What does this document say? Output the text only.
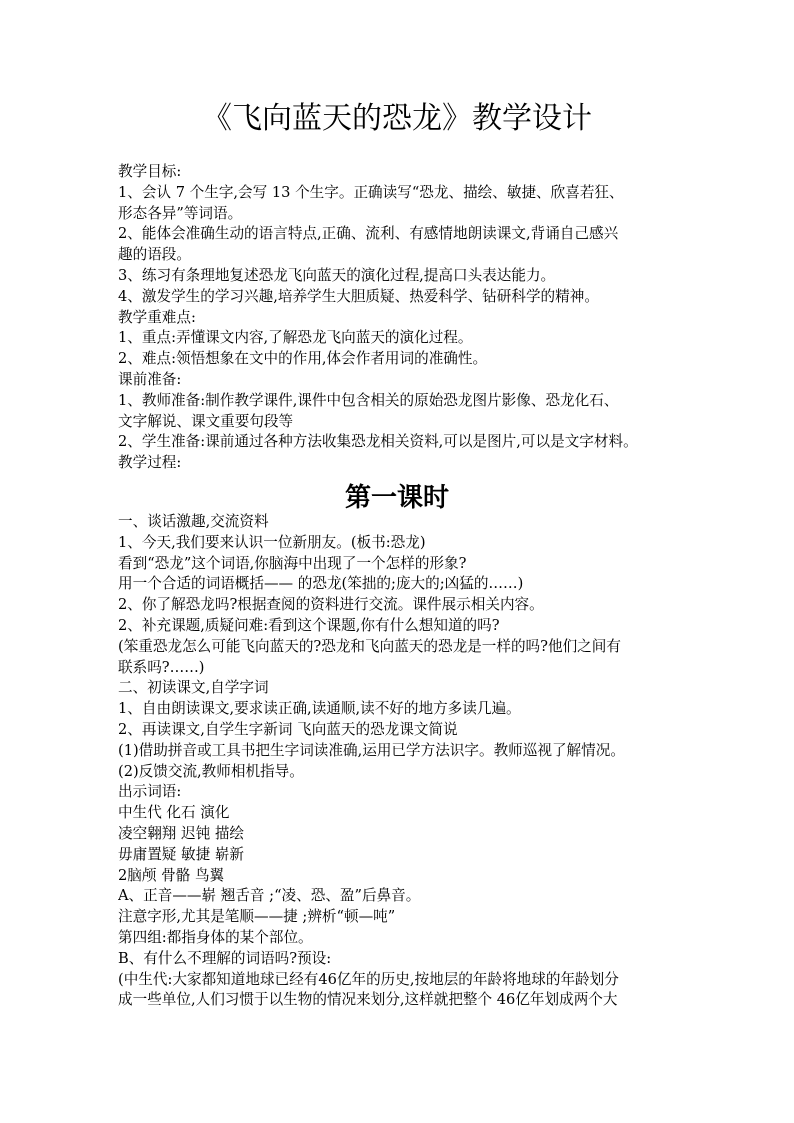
《飞向蓝天的恐龙》教学设计
教学目标:
1、会认 7 个生字,会写 13 个生字。正确读写“恐龙、描绘、敏捷、欣喜若狂、
形态各异”等词语。
2、能体会准确生动的语言特点,正确、流利、有感情地朗读课文,背诵自己感兴
趣的语段。
3、练习有条理地复述恐龙飞向蓝天的演化过程,提高口头表达能力。
4、激发学生的学习兴趣,培养学生大胆质疑、热爱科学、钻研科学的精神。
教学重难点:
1、重点:弄懂课文内容,了解恐龙飞向蓝天的演化过程。
2、难点:领悟想象在文中的作用,体会作者用词的准确性。
课前准备:
1、教师准备:制作教学课件,课件中包含相关的原始恐龙图片影像、恐龙化石、
文字解说、课文重要句段等
2、学生准备:课前通过各种方法收集恐龙相关资料,可以是图片,可以是文字材料。
教学过程:
第一课时
一、谈话激趣,交流资料
1、今天,我们要来认识一位新朋友。(板书:恐龙)
看到“恐龙”这个词语,你脑海中出现了一个怎样的形象?
用一个合适的词语概括—— 的恐龙(笨拙的;庞大的;凶猛的……)
2、你了解恐龙吗?根据查阅的资料进行交流。课件展示相关内容。
2、补充课题,质疑问难:看到这个课题,你有什么想知道的吗?
(笨重恐龙怎么可能飞向蓝天的?恐龙和飞向蓝天的恐龙是一样的吗?他们之间有
联系吗?……)
二、初读课文,自学字词
1、自由朗读课文,要求读正确,读通顺,读不好的地方多读几遍。
2、再读课文,自学生字新词 飞向蓝天的恐龙课文简说
(1)借助拼音或工具书把生字词读准确,运用已学方法识字。教师巡视了解情况。
(2)反馈交流,教师相机指导。
出示词语:
中生代 化石 演化
凌空翱翔 迟钝 描绘
毋庸置疑 敏捷 崭新
2脑颅 骨骼 鸟翼
A、正音——崭 翘舌音 ;“凌、恐、盈”后鼻音。
注意字形,尤其是笔顺——捷 ;辨析“顿—吨”
第四组:都指身体的某个部位。
B、有什么不理解的词语吗?预设:
(中生代:大家都知道地球已经有46亿年的历史,按地层的年龄将地球的年龄划分
成一些单位,人们习惯于以生物的情况来划分,这样就把整个 46亿年划成两个大
